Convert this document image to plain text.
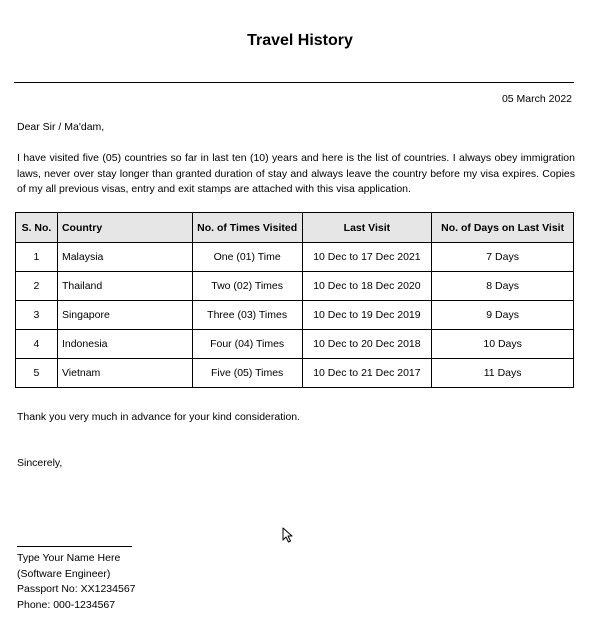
Travel History
05 March 2022
Dear Sir / Ma'dam,
I have visited five (05) countries so far in last ten (10) years and here is the list of countries. I always obey immigration laws, never over stay longer than granted duration of stay and always leave the country before my visa expires. Copies of my all previous visas, entry and exit stamps are attached with this visa application.
S. No.	Country	No. of Times Visited	Last Visit	No. of Days on Last Visit
1	Malaysia	One (01) Time	10 Dec to 17 Dec 2021	7 Days
2	Thailand	Two (02) Times	10 Dec to 18 Dec 2020	8 Days
3	Singapore	Three (03) Times	10 Dec to 19 Dec 2019	9 Days
4	Indonesia	Four (04) Times	10 Dec to 20 Dec 2018	10 Days
5	Vietnam	Five (05) Times	10 Dec to 21 Dec 2017	11 Days
Thank you very much in advance for your kind consideration.
Sincerely,
Type Your Name Here
(Software Engineer)
Passport No: XX1234567
Phone: 000-1234567
